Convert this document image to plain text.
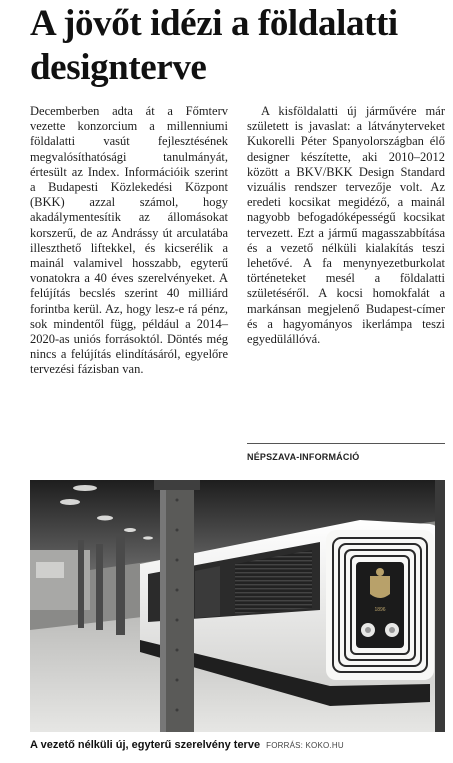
A jövőt idézi a földalatti designterve

Decemberben adta át a Főmterv vezette konzorcium a millenniumi földalatti vasút fejlesztésének megvalósíthatósági tanulmányát, értesült az Index. Információik szerint a Budapesti Közlekedési Központ (BKK) azzal számol, hogy akadálymentesítik az állomásokat korszerű, de az Andrássy út arculatába illeszthető liftekkel, és kicserélik a mainál valamivel hosszabb, egyterű vonatokra a 40 éves szerelvényeket. A felújítás becslés szerint 40 milliárd forintba kerül. Az, hogy lesz-e rá pénz, sok mindentől függ, például a 2014–2020-as uniós forrásoktól. Döntés még nincs a felújítás elindításáról, egyelőre tervezési fázisban van.

A kisföldalatti új járművére már született is javaslat: a látványterveket Kukorelli Péter Spanyolországban élő designer készítette, aki 2010–2012 között a BKV/BKK Design Standard vizuális rendszer tervezője volt. Az eredeti kocsikat megidéző, a mainál nagyobb befogadóképességű kocsikat tervezett. Ezt a jármű magasszabbítása és a vezető nélküli kialakítás teszi lehetővé. A fa menynyezetburkolat történeteket mesél a földalatti születéséről. A kocsi homokfalát a markánsan megjelenő Budapest-címer és a hagyományos ikerlámpa teszi egyedülállóvá.

NÉPSZAVA-INFORMÁCIÓ
1896
A vezető nélküli új, egyterű szerelvény terve FORRÁS: KOKO.HU
